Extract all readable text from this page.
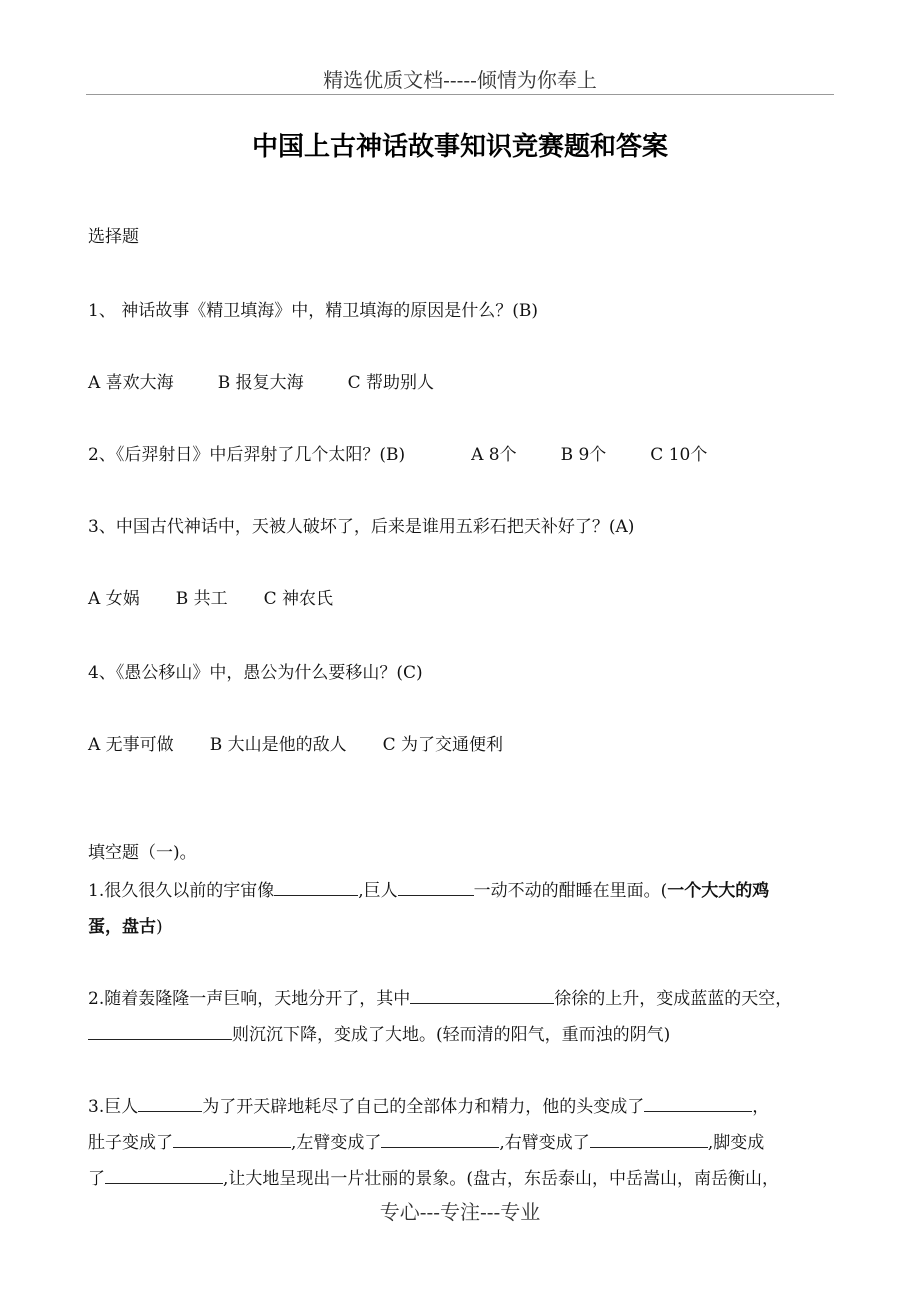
精选优质文档-----倾情为你奉上
中国上古神话故事知识竞赛题和答案
选择题
1、 神话故事《精卫填海》中，精卫填海的原因是什么？(B)
A 喜欢大海	B 报复大海	C 帮助别人
2、《后羿射日》中后羿射了几个太阳？(B)	A 8个	B 9个	C 10个
3、中国古代神话中，天被人破坏了，后来是谁用五彩石把天补好了？(A)
A 女娲 B 共工 C 神农氏
4、《愚公移山》中，愚公为什么要移山？(C)
A 无事可做 B 大山是他的敌人 C 为了交通便利
填空题（一)。
1.很久很久以前的宇宙像	,巨人	一动不动的酣睡在里面。(一个大大的鸡
蛋，盘古)
2.随着轰隆隆一声巨响，天地分开了，其中	徐徐的上升，变成蓝蓝的天空，
则沉沉下降，变成了大地。(轻而清的阳气，重而浊的阴气)
3.巨人	为了开天辟地耗尽了自己的全部体力和精力，他的头变成了	，
肚子变成了	,左臂变成了	,右臂变成了	,脚变成
了	,让大地呈现出一片壮丽的景象。(盘古，东岳泰山，中岳嵩山，南岳衡山，
专心---专注---专业
